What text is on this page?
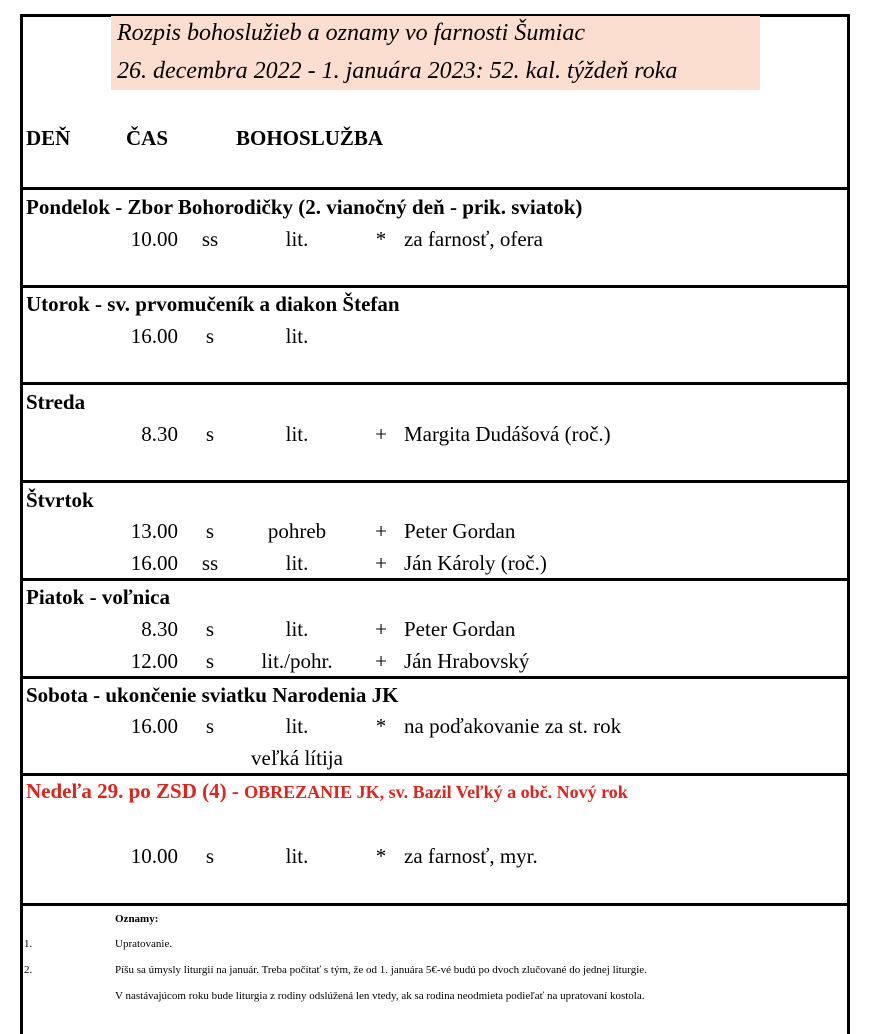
Rozpis bohoslužieb a oznamy vo farnosti Šumiac
26. decembra 2022 - 1. januára 2023: 52. kal. týždeň roka
DEŇ	ČAS	BOHOSLUŽBA
Pondelok - Zbor Bohorodičky (2. vianočný deň - prik. sviatok)
10.00 ss	lit.	* za farnosť, ofera
Utorok - sv. prvomučeník a diakon Štefan
16.00	s	lit.
Streda
8.30	s	lit.	+ Margita Dudášová (roč.)
Štvrtok
13.00	s	pohreb	+ Peter Gordan
16.00 ss	lit.	+ Ján Károly (roč.)
Piatok - voľnica
8.30	s	lit.	+ Peter Gordan
12.00	s	lit./pohr.	+ Ján Hrabovský
Sobota - ukončenie sviatku Narodenia JK
16.00	s	lit.	* na poďakovanie za st. rok
veľká lítija
Nedeľa 29. po ZSD (4) - OBREZANIE JK, sv. Bazil Veľký a obč. Nový rok
10.00	s	lit.	* za farnosť, myr.
Oznamy:
1.	Upratovanie.
2.	Píšu sa úmysly liturgií na január. Treba počítať s tým, že od 1. januára 5€-vé budú po dvoch zlučované do jednej liturgie.
V nastávajúcom roku bude liturgia z rodiny odslúžená len vtedy, ak sa rodina neodmieta podieľať na upratovaní kostola.
